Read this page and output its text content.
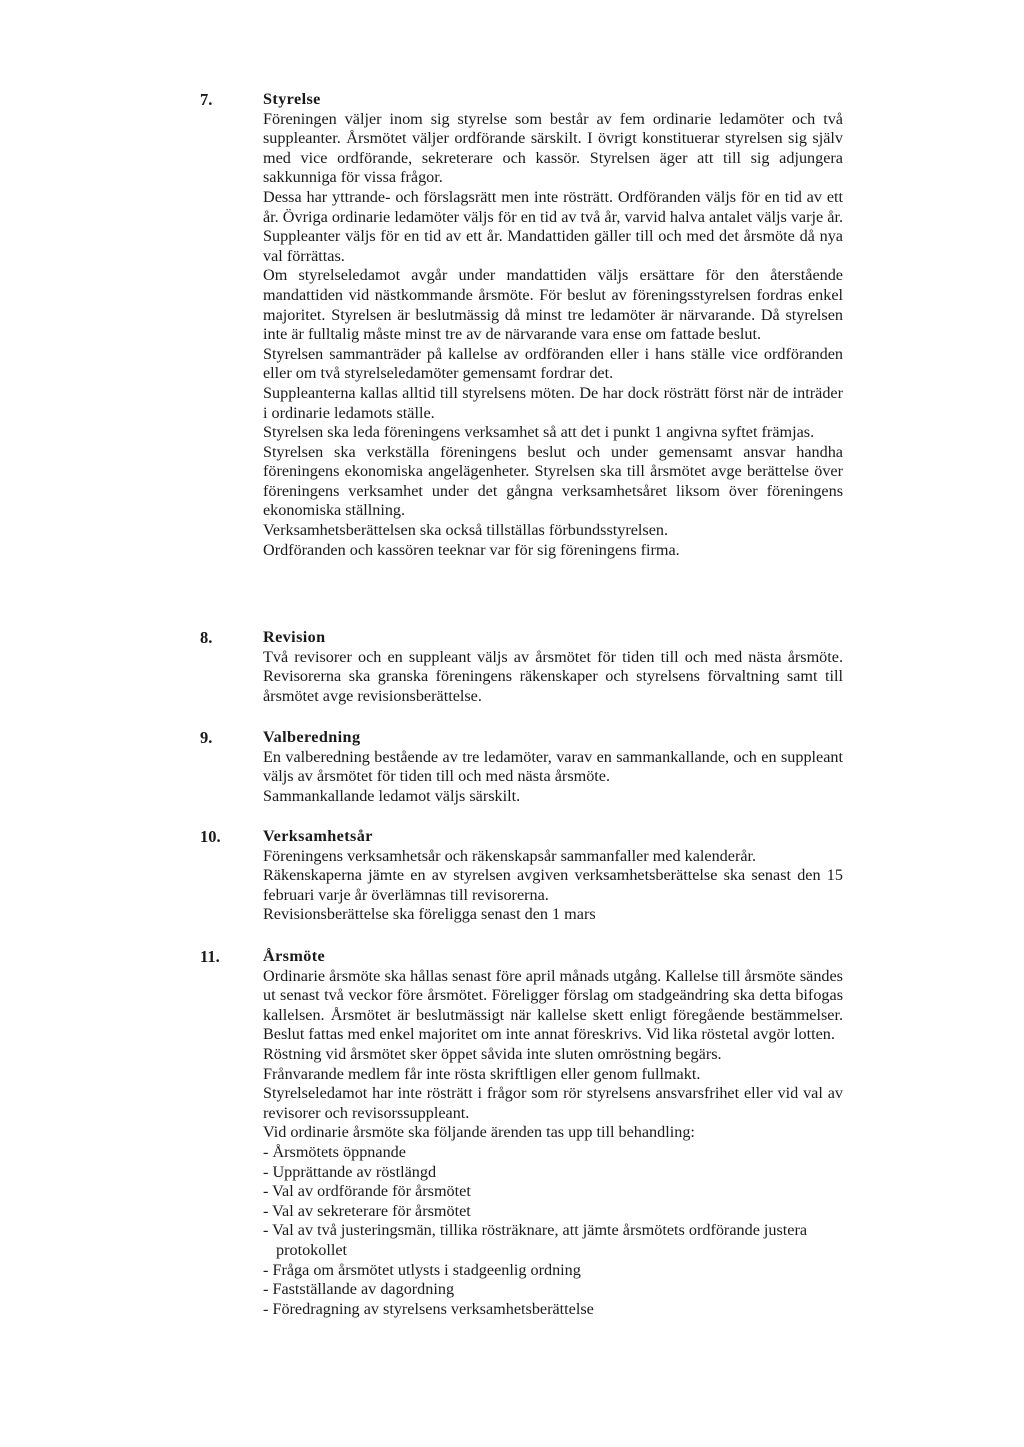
7.	Styrelse

Föreningen väljer inom sig styrelse som består av fem ordinarie ledamöter och två suppleanter. Årsmötet väljer ordförande särskilt. I övrigt konstituerar styrelsen sig själv med vice ordförande, sekreterare och kassör. Styrelsen äger att till sig adjungera sakkunniga för vissa frågor.

Dessa har yttrande- och förslagsrätt men inte rösträtt. Ordföranden väljs för en tid av ett år. Övriga ordinarie ledamöter väljs för en tid av två år, varvid halva antalet väljs varje år. Suppleanter väljs för en tid av ett år. Mandattiden gäller till och med det årsmöte då nya val förrättas.

Om styrelseledamot avgår under mandattiden väljs ersättare för den återstående mandattiden vid nästkommande årsmöte. För beslut av föreningsstyrelsen fordras enkel majoritet. Styrelsen är beslutmässig då minst tre ledamöter är närvarande. Då styrelsen inte är fulltalig måste minst tre av de närvarande vara ense om fattade beslut.

Styrelsen sammanträder på kallelse av ordföranden eller i hans ställe vice ordföranden eller om två styrelseledamöter gemensamt fordrar det.

Suppleanterna kallas alltid till styrelsens möten. De har dock rösträtt först när de inträder i ordinarie ledamots ställe.

Styrelsen ska leda föreningens verksamhet så att det i punkt 1 angivna syftet främjas.

Styrelsen ska verkställa föreningens beslut och under gemensamt ansvar handha föreningens ekonomiska angelägenheter. Styrelsen ska till årsmötet avge berättelse över föreningens verksamhet under det gångna verksamhetsåret liksom över föreningens ekonomiska ställning.

Verksamhetsberättelsen ska också tillställas förbundsstyrelsen.

Ordföranden och kassören teeknar var för sig föreningens firma.

8.	Revision

Två revisorer och en suppleant väljs av årsmötet för tiden till och med nästa årsmöte. Revisorerna ska granska föreningens räkenskaper och styrelsens förvaltning samt till årsmötet avge revisionsberättelse.

9.	Valberedning

En valberedning bestående av tre ledamöter, varav en sammankallande, och en suppleant väljs av årsmötet för tiden till och med nästa årsmöte.

Sammankallande ledamot väljs särskilt.

10.	Verksamhetsår

Föreningens verksamhetsår och räkenskapsår sammanfaller med kalenderår.

Räkenskaperna jämte en av styrelsen avgiven verksamhetsberättelse ska senast den 15 februari varje år överlämnas till revisorerna.

Revisionsberättelse ska föreligga senast den 1 mars

11.	Årsmöte

Ordinarie årsmöte ska hållas senast före april månads utgång. Kallelse till årsmöte sändes ut senast två veckor före årsmötet. Föreligger förslag om stadgeändring ska detta bifogas kallelsen. Årsmötet är beslutmässigt när kallelse skett enligt föregående bestämmelser. Beslut fattas med enkel majoritet om inte annat föreskrivs. Vid lika röstetal avgör lotten.

Röstning vid årsmötet sker öppet såvida inte sluten omröstning begärs.

Frånvarande medlem får inte rösta skriftligen eller genom fullmakt.

Styrelseledamot har inte rösträtt i frågor som rör styrelsens ansvarsfrihet eller vid val av revisorer och revisorssuppleant.

Vid ordinarie årsmöte ska följande ärenden tas upp till behandling:

- Årsmötets öppnande
- Upprättande av röstlängd
- Val av ordförande för årsmötet
- Val av sekreterare för årsmötet
- Val av två justeringsmän, tillika rösträknare, att jämte årsmötets ordförande justera protokollet
- Fråga om årsmötet utlysts i stadgeenlig ordning
- Fastställande av dagordning
- Föredragning av styrelsens verksamhetsberättelse
